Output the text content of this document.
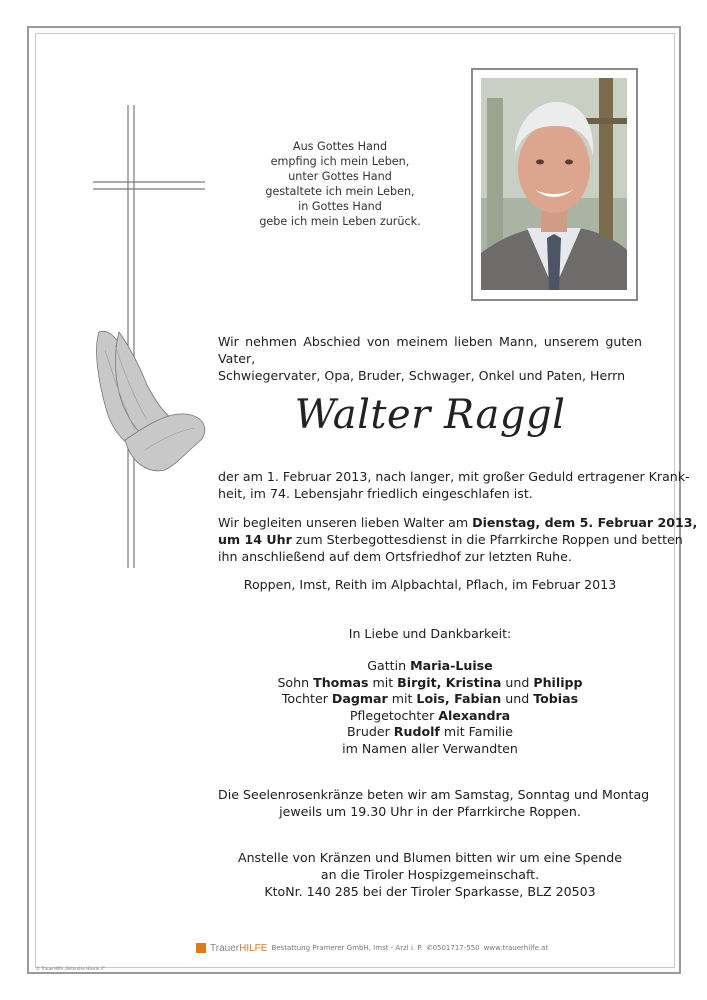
Aus Gottes Hand
empfing ich mein Leben,
unter Gottes Hand
gestaltete ich mein Leben,
in Gottes Hand
gebe ich mein Leben zurück.
Wir nehmen Abschied von meinem lieben Mann, unserem guten Vater,
Schwiegervater, Opa, Bruder, Schwager, Onkel und Paten, Herrn
Walter Raggl
der am 1. Februar 2013, nach langer, mit großer Geduld ertragener Krank-
heit, im 74. Lebensjahr friedlich eingeschlafen ist.
Wir begleiten unseren lieben Walter am Dienstag, dem 5. Februar 2013,
um 14 Uhr zum Sterbegottesdienst in die Pfarrkirche Roppen und betten
ihn anschließend auf dem Ortsfriedhof zur letzten Ruhe.
Roppen, Imst, Reith im Alpbachtal, Pflach, im Februar 2013
In Liebe und Dankbarkeit:
Gattin Maria-Luise
Sohn Thomas mit Birgit, Kristina und Philipp
Tochter Dagmar mit Lois, Fabian und Tobias
Pflegetochter Alexandra
Bruder Rudolf mit Familie
im Namen aller Verwandten
Die Seelenrosenkränze beten wir am Samstag, Sonntag und Montag
jeweils um 19.30 Uhr in der Pfarrkirche Roppen.
Anstelle von Kränzen und Blumen bitten wir um eine Spende
an die Tiroler Hospizgemeinschaft.
KtoNr. 140 285 bei der Tiroler Sparkasse, BLZ 20503
Trauer HILFE Bestattung Pramerer GmbH, Imst - Arzl i. P. ✆0501717-550 www.trauerhilfe.at
© TrauerHilfe „Betendes Hände 3“
